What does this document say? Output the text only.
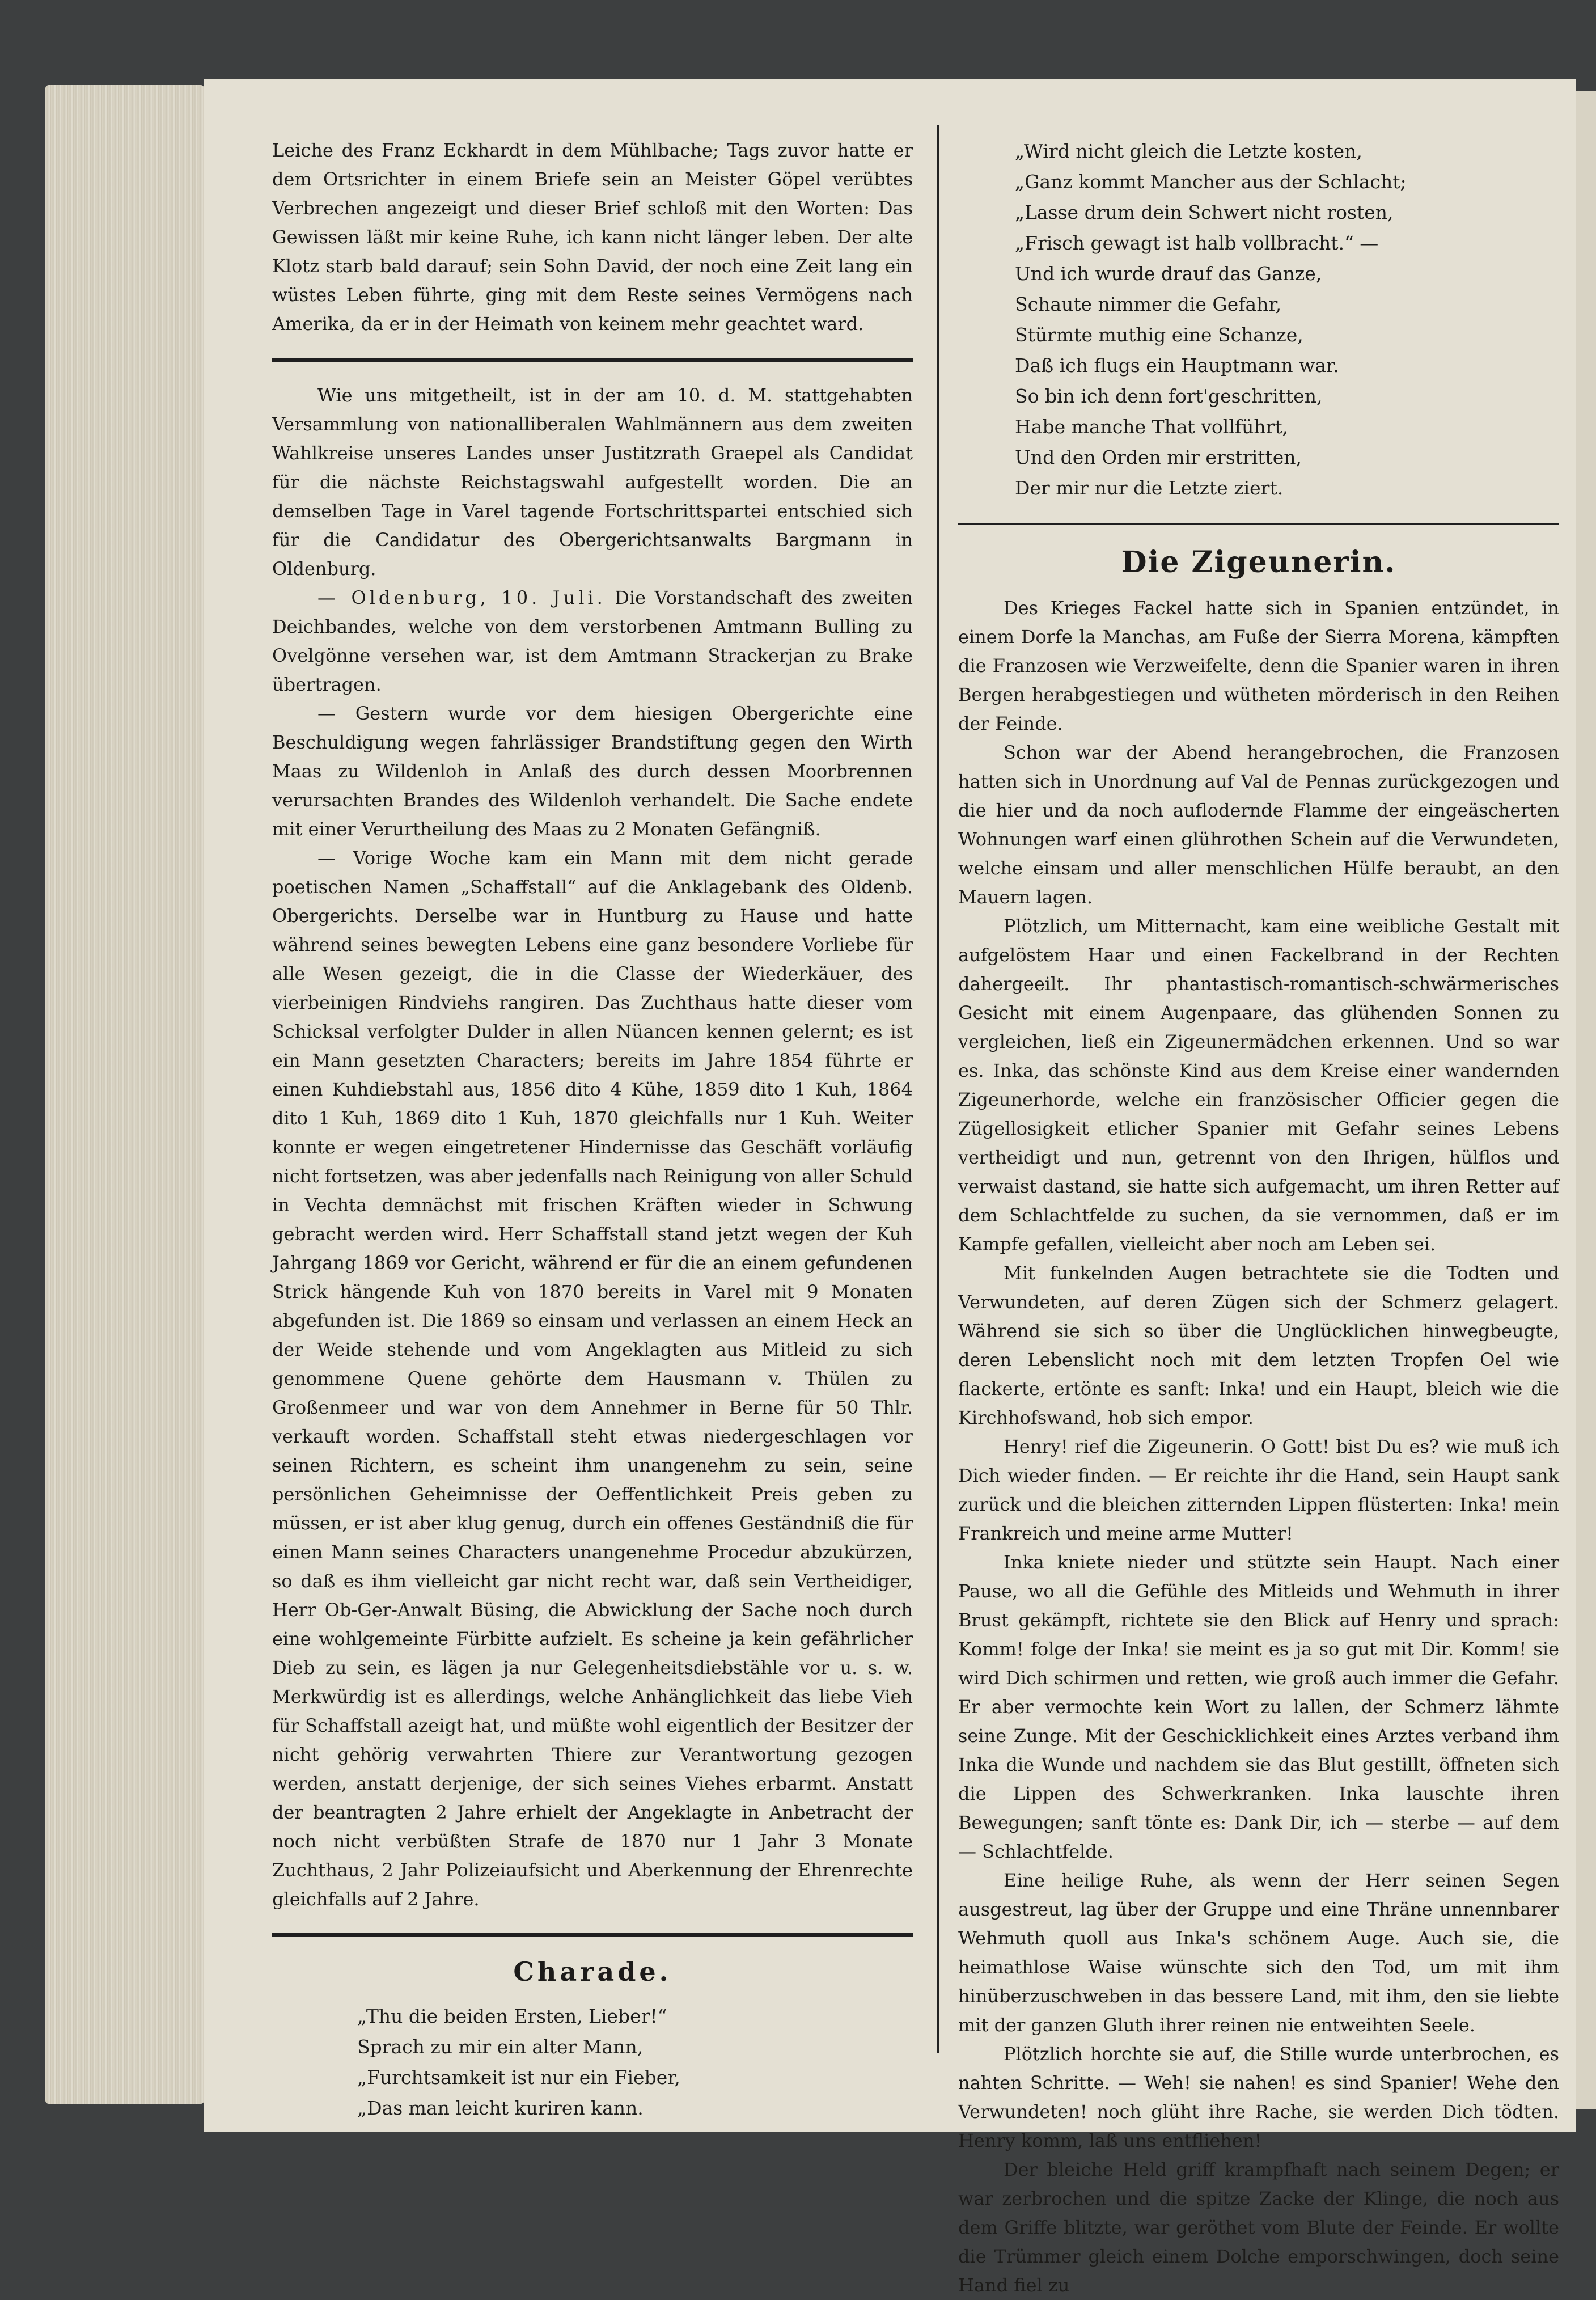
Leiche des Franz Eckhardt in dem Mühlbache; Tags zuvor hatte er dem Ortsrichter in einem Briefe sein an Meister Göpel verübtes Verbrechen angezeigt und dieser Brief schloß mit den Worten: Das Gewissen läßt mir keine Ruhe, ich kann nicht länger leben. Der alte Klotz starb bald darauf; sein Sohn David, der noch eine Zeit lang ein wüstes Leben führte, ging mit dem Reste seines Vermögens nach Amerika, da er in der Heimath von keinem mehr geachtet ward.

Wie uns mitgetheilt, ist in der am 10. d. M. stattgehabten Versammlung von nationalliberalen Wahlmännern aus dem zweiten Wahlkreise unseres Landes unser Justitzrath Graepel als Candidat für die nächste Reichstagswahl aufgestellt worden. Die an demselben Tage in Varel tagende Fortschrittspartei entschied sich für die Candidatur des Obergerichtsanwalts Bargmann in Oldenburg.

— Oldenburg, 10. Juli. Die Vorstandschaft des zweiten Deichbandes, welche von dem verstorbenen Amtmann Bulling zu Ovelgönne versehen war, ist dem Amtmann Strackerjan zu Brake übertragen.

— Gestern wurde vor dem hiesigen Obergerichte eine Beschuldigung wegen fahrlässiger Brandstiftung gegen den Wirth Maas zu Wildenloh in Anlaß des durch dessen Moorbrennen verursachten Brandes des Wildenloh verhandelt. Die Sache endete mit einer Verurtheilung des Maas zu 2 Monaten Gefängniß.

— Vorige Woche kam ein Mann mit dem nicht gerade poetischen Namen „Schaffstall“ auf die Anklagebank des Oldenb. Obergerichts. Derselbe war in Huntburg zu Hause und hatte während seines bewegten Lebens eine ganz besondere Vorliebe für alle Wesen gezeigt, die in die Classe der Wiederkäuer, des vierbeinigen Rindviehs rangiren. Das Zuchthaus hatte dieser vom Schicksal verfolgter Dulder in allen Nüancen kennen gelernt; es ist ein Mann gesetzten Characters; bereits im Jahre 1854 führte er einen Kuhdiebstahl aus, 1856 dito 4 Kühe, 1859 dito 1 Kuh, 1864 dito 1 Kuh, 1869 dito 1 Kuh, 1870 gleichfalls nur 1 Kuh. Weiter konnte er wegen eingetretener Hindernisse das Geschäft vorläufig nicht fortsetzen, was aber jedenfalls nach Reinigung von aller Schuld in Vechta demnächst mit frischen Kräften wieder in Schwung gebracht werden wird. Herr Schaffstall stand jetzt wegen der Kuh Jahrgang 1869 vor Gericht, während er für die an einem gefundenen Strick hängende Kuh von 1870 bereits in Varel mit 9 Monaten abgefunden ist. Die 1869 so einsam und verlassen an einem Heck an der Weide stehende und vom Angeklagten aus Mitleid zu sich genommene Quene gehörte dem Hausmann v. Thülen zu Großenmeer und war von dem Annehmer in Berne für 50 Thlr. verkauft worden. Schaffstall steht etwas niedergeschlagen vor seinen Richtern, es scheint ihm unangenehm zu sein, seine persönlichen Geheimnisse der Oeffentlichkeit Preis geben zu müssen, er ist aber klug genug, durch ein offenes Geständniß die für einen Mann seines Characters unangenehme Procedur abzukürzen, so daß es ihm vielleicht gar nicht recht war, daß sein Vertheidiger, Herr Ob-Ger-Anwalt Büsing, die Abwicklung der Sache noch durch eine wohlgemeinte Fürbitte aufzielt. Es scheine ja kein gefährlicher Dieb zu sein, es lägen ja nur Gelegenheitsdiebstähle vor u. s. w. Merkwürdig ist es allerdings, welche Anhänglichkeit das liebe Vieh für Schaffstall azeigt hat, und müßte wohl eigentlich der Besitzer der nicht gehörig verwahrten Thiere zur Verantwortung gezogen werden, anstatt derjenige, der sich seines Viehes erbarmt. Anstatt der beantragten 2 Jahre erhielt der Angeklagte in Anbetracht der noch nicht verbüßten Strafe de 1870 nur 1 Jahr 3 Monate Zuchthaus, 2 Jahr Polizeiaufsicht und Aberkennung der Ehrenrechte gleichfalls auf 2 Jahre.

Charade.
„Thu die beiden Ersten, Lieber!“
Sprach zu mir ein alter Mann,
„Furchtsamkeit ist nur ein Fieber,
„Das man leicht kuriren kann.
„Wird nicht gleich die Letzte kosten,
„Ganz kommt Mancher aus der Schlacht;
„Lasse drum dein Schwert nicht rosten,
„Frisch gewagt ist halb vollbracht.“ —
Und ich wurde drauf das Ganze,
Schaute nimmer die Gefahr,
Stürmte muthig eine Schanze,
Daß ich flugs ein Hauptmann war.
So bin ich denn fort'geschritten,
Habe manche That vollführt,
Und den Orden mir erstritten,
Der mir nur die Letzte ziert.
Die Zigeunerin.

Des Krieges Fackel hatte sich in Spanien entzündet, in einem Dorfe la Manchas, am Fuße der Sierra Morena, kämpften die Franzosen wie Verzweifelte, denn die Spanier waren in ihren Bergen herabgestiegen und wütheten mörderisch in den Reihen der Feinde.

Schon war der Abend herangebrochen, die Franzosen hatten sich in Unordnung auf Val de Pennas zurückgezogen und die hier und da noch auflodernde Flamme der eingeäscherten Wohnungen warf einen glührothen Schein auf die Verwundeten, welche einsam und aller menschlichen Hülfe beraubt, an den Mauern lagen.

Plötzlich, um Mitternacht, kam eine weibliche Gestalt mit aufgelöstem Haar und einen Fackelbrand in der Rechten dahergeeilt. Ihr phantastisch-romantisch-schwärmerisches Gesicht mit einem Augenpaare, das glühenden Sonnen zu vergleichen, ließ ein Zigeunermädchen erkennen. Und so war es. Inka, das schönste Kind aus dem Kreise einer wandernden Zigeunerhorde, welche ein französischer Officier gegen die Zügellosigkeit etlicher Spanier mit Gefahr seines Lebens vertheidigt und nun, getrennt von den Ihrigen, hülflos und verwaist dastand, sie hatte sich aufgemacht, um ihren Retter auf dem Schlachtfelde zu suchen, da sie vernommen, daß er im Kampfe gefallen, vielleicht aber noch am Leben sei.

Mit funkelnden Augen betrachtete sie die Todten und Verwundeten, auf deren Zügen sich der Schmerz gelagert. Während sie sich so über die Unglücklichen hinwegbeugte, deren Lebenslicht noch mit dem letzten Tropfen Oel wie flackerte, ertönte es sanft: Inka! und ein Haupt, bleich wie die Kirchhofswand, hob sich empor.

Henry! rief die Zigeunerin. O Gott! bist Du es? wie muß ich Dich wieder finden. — Er reichte ihr die Hand, sein Haupt sank zurück und die bleichen zitternden Lippen flüsterten: Inka! mein Frankreich und meine arme Mutter!

Inka kniete nieder und stützte sein Haupt. Nach einer Pause, wo all die Gefühle des Mitleids und Wehmuth in ihrer Brust gekämpft, richtete sie den Blick auf Henry und sprach: Komm! folge der Inka! sie meint es ja so gut mit Dir. Komm! sie wird Dich schirmen und retten, wie groß auch immer die Gefahr. Er aber vermochte kein Wort zu lallen, der Schmerz lähmte seine Zunge. Mit der Geschicklichkeit eines Arztes verband ihm Inka die Wunde und nachdem sie das Blut gestillt, öffneten sich die Lippen des Schwerkranken. Inka lauschte ihren Bewegungen; sanft tönte es: Dank Dir, ich — sterbe — auf dem — Schlachtfelde.

Eine heilige Ruhe, als wenn der Herr seinen Segen ausgestreut, lag über der Gruppe und eine Thräne unnennbarer Wehmuth quoll aus Inka's schönem Auge. Auch sie, die heimathlose Waise wünschte sich den Tod, um mit ihm hinüberzuschweben in das bessere Land, mit ihm, den sie liebte mit der ganzen Gluth ihrer reinen nie entweihten Seele.

Plötzlich horchte sie auf, die Stille wurde unterbrochen, es nahten Schritte. — Weh! sie nahen! es sind Spanier! Wehe den Verwundeten! noch glüht ihre Rache, sie werden Dich tödten. Henry komm, laß uns entfliehen!

Der bleiche Held griff krampfhaft nach seinem Degen; er war zerbrochen und die spitze Zacke der Klinge, die noch aus dem Griffe blitzte, war geröthet vom Blute der Feinde. Er wollte die Trümmer gleich einem Dolche emporschwingen, doch seine Hand fiel zu
